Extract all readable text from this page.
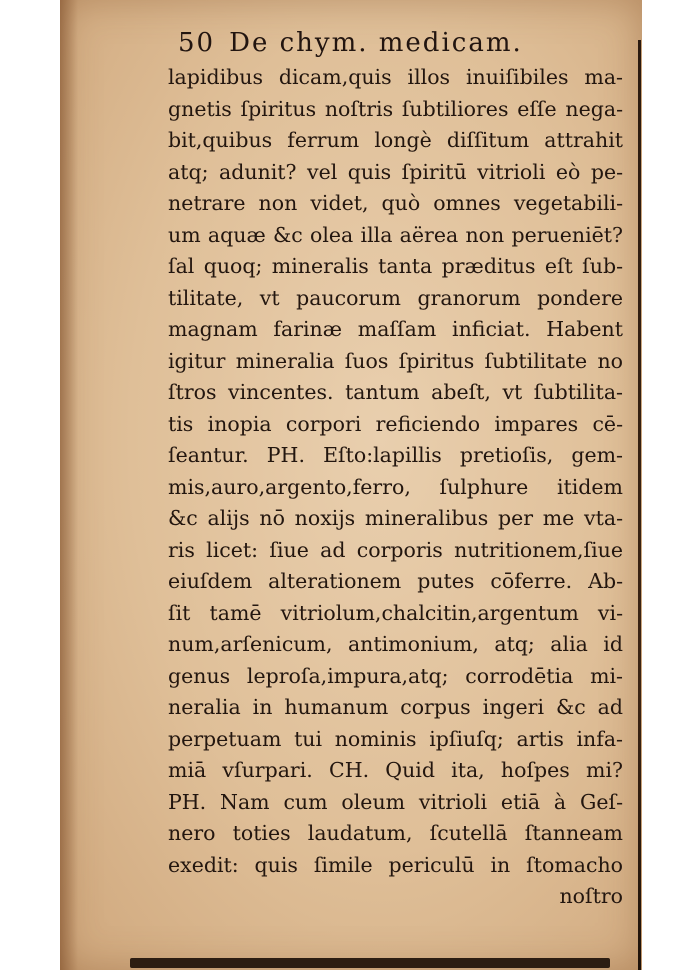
50 De chym. medicam.
lapidibus dicam,quis illos inuiſibiles ma-
gnetis ſpiritus noſtris ſubtiliores eſſe nega-
bit,quibus ferrum longè diſſitum attrahit
atq; adunit? vel quis ſpiritū vitrioli eò pe-
netrare non videt, quò omnes vegetabili-
um aquæ &c olea illa aërea non perueniēt?
ſal quoq; mineralis tanta præditus eſt ſub-
tilitate, vt paucorum granorum pondere
magnam farinæ maſſam inficiat. Habent
igitur mineralia ſuos ſpiritus ſubtilitate no
ſtros vincentes. tantum abeſt, vt ſubtilita-
tis inopia corpori reficiendo impares cē-
ſeantur. PH. Eſto:lapillis pretioſis, gem-
mis,auro,argento,ferro, ſulphure itidem
&c alijs nō noxijs mineralibus per me vta-
ris licet: ſiue ad corporis nutritionem,ſiue
eiuſdem alterationem putes cōferre. Ab-
ſit tamē vitriolum,chalcitin,argentum vi-
num,arſenicum, antimonium, atq; alia id
genus leproſa,impura,atq; corrodētia mi-
neralia in humanum corpus ingeri &c ad
perpetuam tui nominis ipſiuſq; artis infa-
miā vſurpari. CH. Quid ita, hoſpes mi?
PH. Nam cum oleum vitrioli etiā à Geſ-
nero toties laudatum, ſcutellā ſtanneam
exedit: quis ſimile periculū in ſtomacho
noſtro
